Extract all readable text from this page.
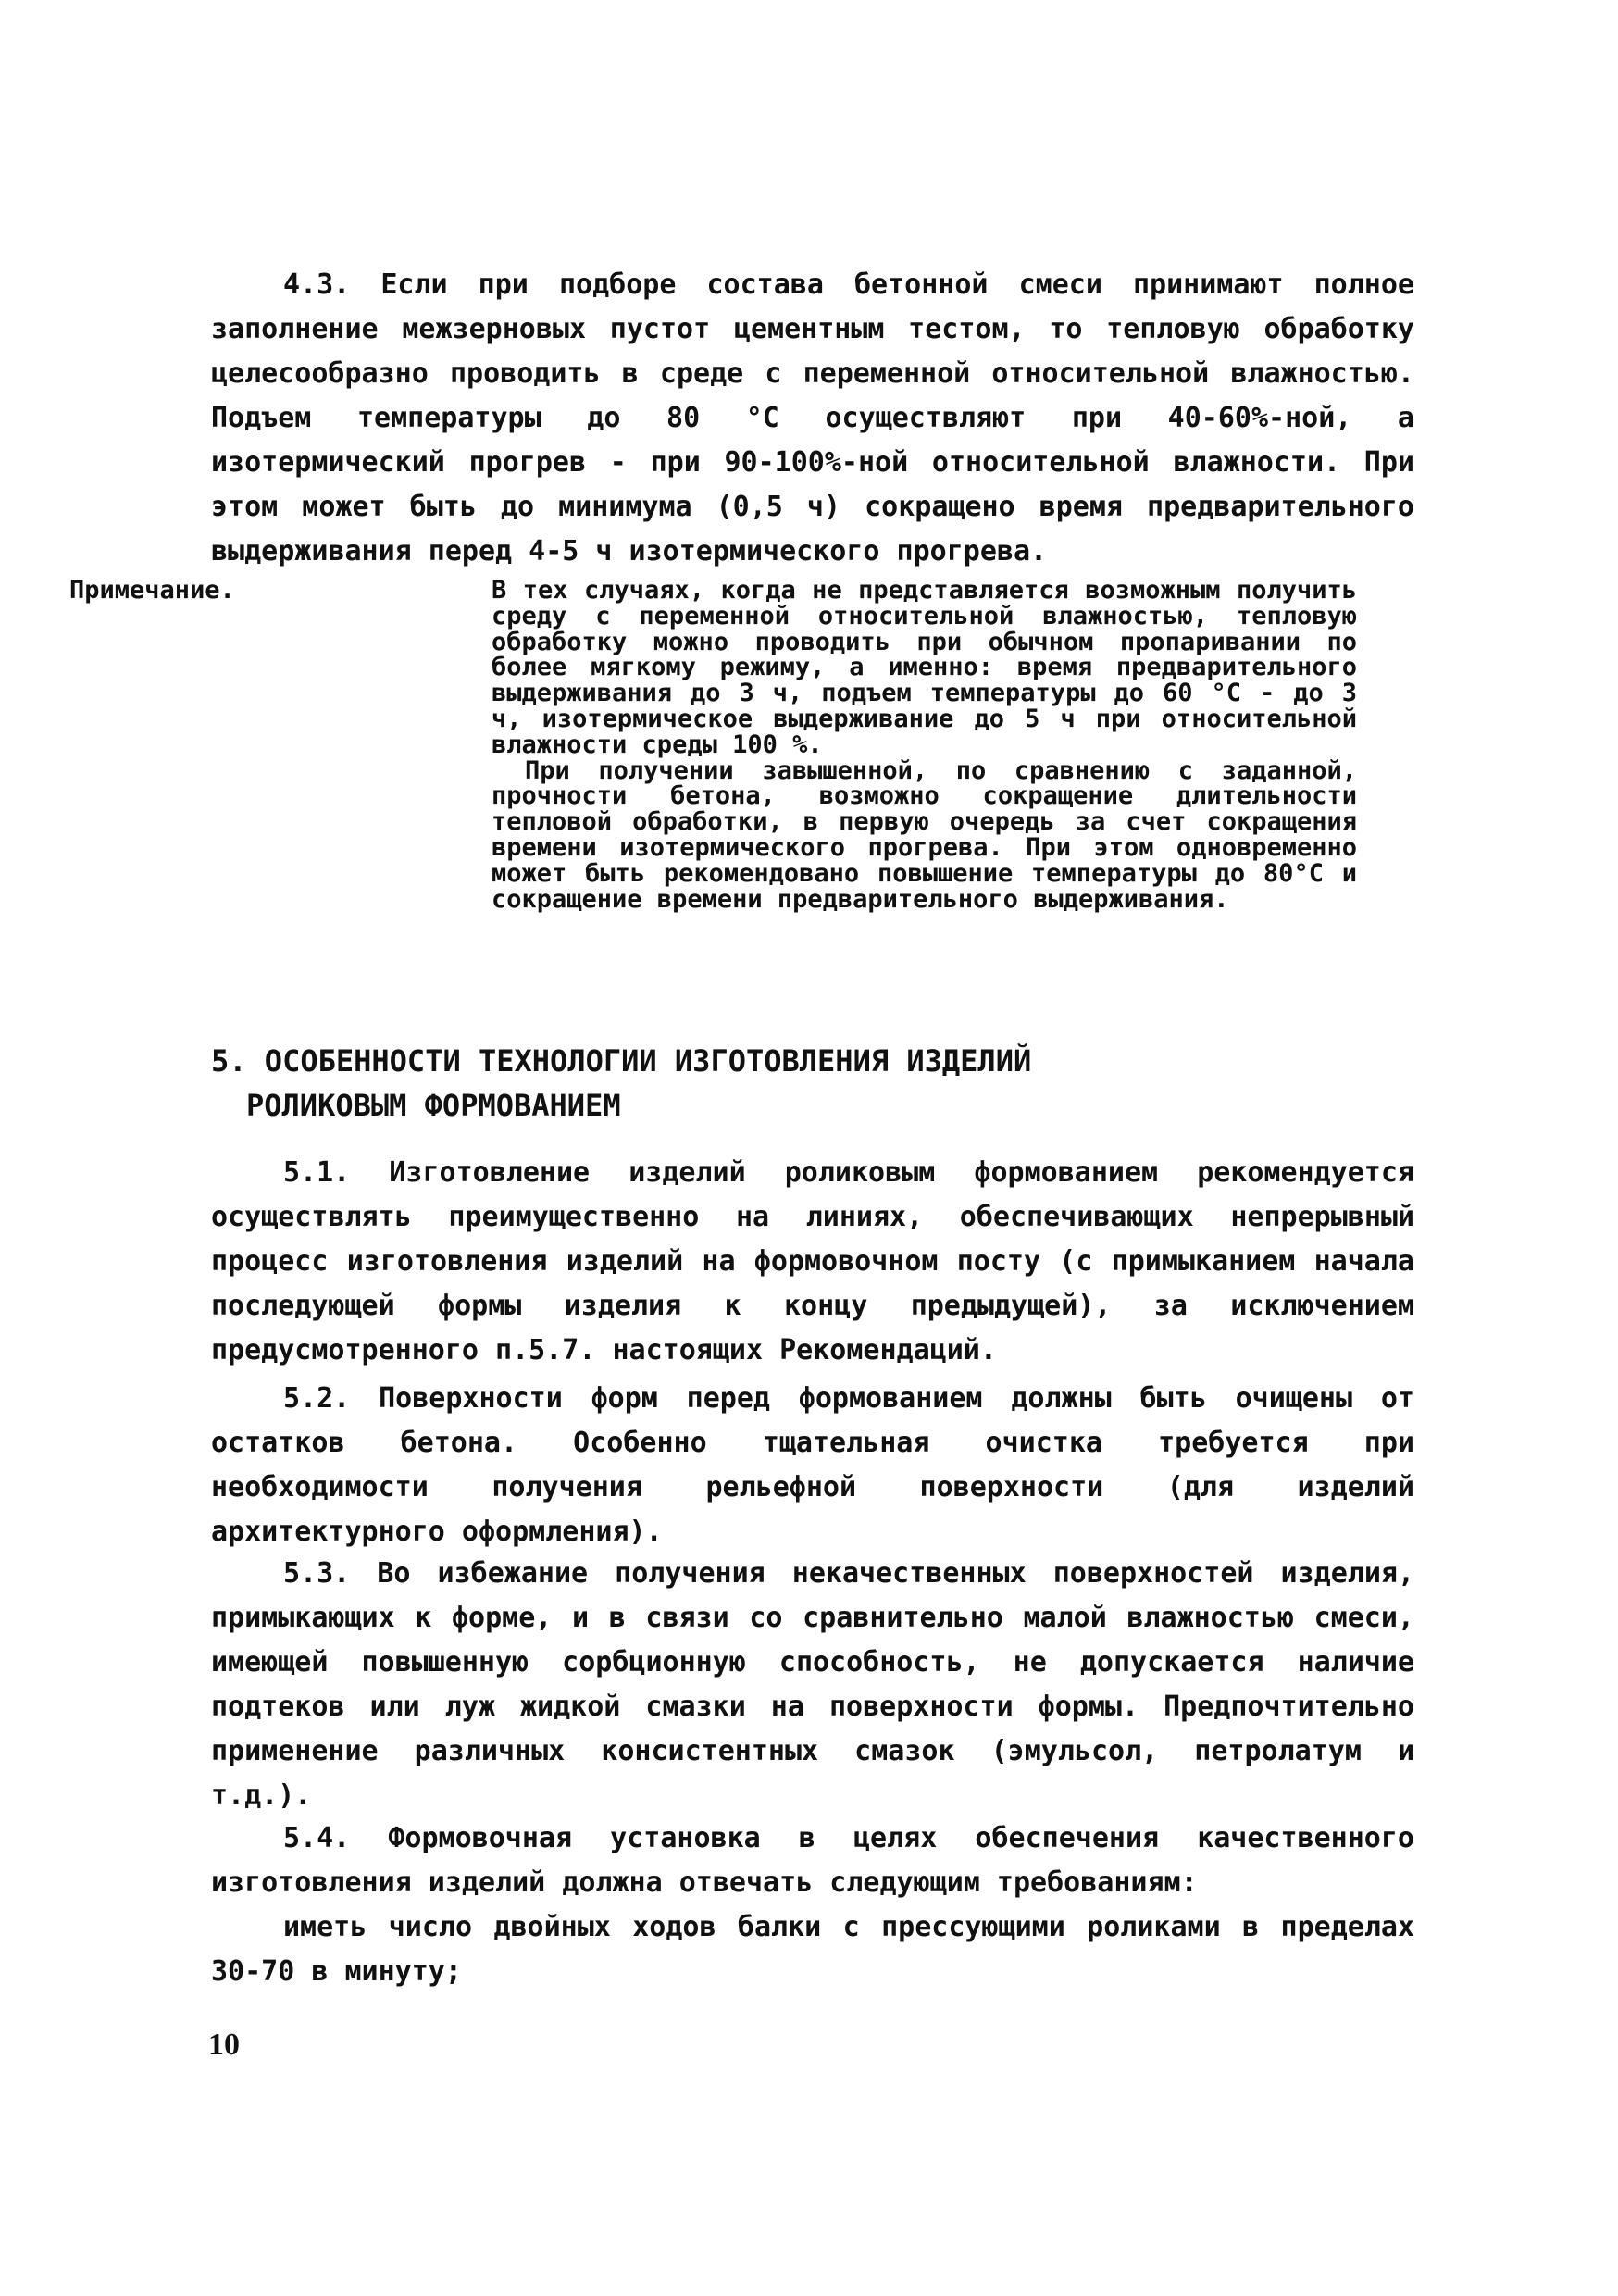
4.3. Если при подборе состава бетонной смеси принимают полное заполнение межзерновых пустот цементным тестом, то тепловую обработку целесообразно проводить в среде с переменной относительной влажностью. Подъем температуры до 80 °С осуществляют при 40-60%-ной, а изотермический прогрев - при 90-100%-ной относительной влажности. При этом может быть до минимума (0,5 ч) сокращено время предварительного выдерживания перед 4-5 ч изотермического прогрева.

Примечание.	В тех случаях, когда не представляется возможным получить среду с переменной относительной влажностью, тепловую обработку можно проводить при обычном пропаривании по более мягкому режиму, а именно: время предварительного выдерживания до 3 ч, подъем температуры до 60 °С - до 3 ч, изотермическое выдерживание до 5 ч при относительной влажности среды 100 %.

При получении завышенной, по сравнению с заданной, прочности бетона, возможно сокращение длительности тепловой обработки, в первую очередь за счет сокращения времени изотермического прогрева. При этом одновременно может быть рекомендовано повышение температуры до 80°С и сокращение времени предварительного выдерживания.

5. ОСОБЕННОСТИ ТЕХНОЛОГИИ ИЗГОТОВЛЕНИЯ ИЗДЕЛИЙ
РОЛИКОВЫМ ФОРМОВАНИЕМ

5.1. Изготовление изделий роликовым формованием рекомендуется осуществлять преимущественно на линиях, обеспечивающих непрерывный процесс изготовления изделий на формовочном посту (с примыканием начала последующей формы изделия к концу предыдущей), за исключением предусмотренного п.5.7. настоящих Рекомендаций.

5.2. Поверхности форм перед формованием должны быть очищены от остатков бетона. Особенно тщательная очистка требуется при необходимости получения рельефной поверхности (для изделий архитектурного оформления).

5.3. Во избежание получения некачественных поверхностей изделия, примыкающих к форме, и в связи со сравнительно малой влажностью смеси, имеющей повышенную сорбционную способность, не допускается наличие подтеков или луж жидкой смазки на поверхности формы. Предпочтительно применение различных консистентных смазок (эмульсол, петролатум и т.д.).

5.4. Формовочная установка в целях обеспечения качественного изготовления изделий должна отвечать следующим требованиям:

иметь число двойных ходов балки с прессующими роликами в пределах 30-70 в минуту;

10
